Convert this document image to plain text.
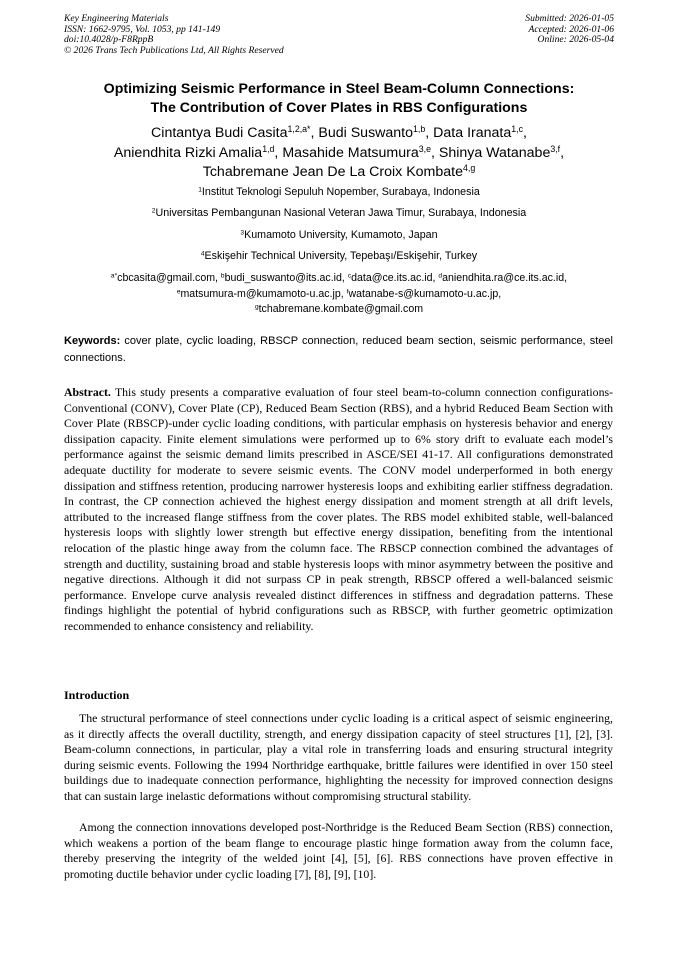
Key Engineering Materials
ISSN: 1662-9795, Vol. 1053, pp 141-149
doi:10.4028/p-F8RppB
© 2026 Trans Tech Publications Ltd, All Rights Reserved
Submitted: 2026-01-05
Accepted: 2026-01-06
Online: 2026-05-04
Optimizing Seismic Performance in Steel Beam-Column Connections:
The Contribution of Cover Plates in RBS Configurations
Cintantya Budi Casita$^{1,2,a*}$, Budi Suswanto$^{1,b}$, Data Iranata$^{1,c}$,
Aniendhita Rizki Amalia$^{1,d}$, Masahide Matsumura$^{3,e}$, Shinya Watanabe$^{3,f}$,
Tchabremane Jean De La Croix Kombate$^{4,g}$
$^1$Institut Teknologi Sepuluh Nopember, Surabaya, Indonesia
$^2$Universitas Pembangunan Nasional Veteran Jawa Timur, Surabaya, Indonesia
$^3$Kumamoto University, Kumamoto, Japan
$^4$Eskişehir Technical University, Tepebaşı/Eskişehir, Turkey
$^{a*}$cbcasita@gmail.com, $^b$budi_suswanto@its.ac.id, $^c$data@ce.its.ac.id, $^d$aniendhita.ra@ce.its.ac.id,
$^e$matsumura-m@kumamoto-u.ac.jp, $^f$watanabe-s@kumamoto-u.ac.jp,
$^g$tchabremane.kombate@gmail.com
Keywords: cover plate, cyclic loading, RBSCP connection, reduced beam section, seismic performance, steel connections.

Abstract. This study presents a comparative evaluation of four steel beam-to-column connection configurations-Conventional (CONV), Cover Plate (CP), Reduced Beam Section (RBS), and a hybrid Reduced Beam Section with Cover Plate (RBSCP)-under cyclic loading conditions, with particular emphasis on hysteresis behavior and energy dissipation capacity. Finite element simulations were performed up to 6% story drift to evaluate each model’s performance against the seismic demand limits prescribed in ASCE/SEI 41-17. All configurations demonstrated adequate ductility for moderate to severe seismic events. The CONV model underperformed in both energy dissipation and stiffness retention, producing narrower hysteresis loops and exhibiting earlier stiffness degradation. In contrast, the CP connection achieved the highest energy dissipation and moment strength at all drift levels, attributed to the increased flange stiffness from the cover plates. The RBS model exhibited stable, well-balanced hysteresis loops with slightly lower strength but effective energy dissipation, benefiting from the intentional relocation of the plastic hinge away from the column face. The RBSCP connection combined the advantages of strength and ductility, sustaining broad and stable hysteresis loops with minor asymmetry between the positive and negative directions. Although it did not surpass CP in peak strength, RBSCP offered a well-balanced seismic performance. Envelope curve analysis revealed distinct differences in stiffness and degradation patterns. These findings highlight the potential of hybrid configurations such as RBSCP, with further geometric optimization recommended to enhance consistency and reliability.

Introduction

The structural performance of steel connections under cyclic loading is a critical aspect of seismic engineering, as it directly affects the overall ductility, strength, and energy dissipation capacity of steel structures [1], [2], [3]. Beam-column connections, in particular, play a vital role in transferring loads and ensuring structural integrity during seismic events. Following the 1994 Northridge earthquake, brittle failures were identified in over 150 steel buildings due to inadequate connection performance, highlighting the necessity for improved connection designs that can sustain large inelastic deformations without compromising structural stability.

Among the connection innovations developed post-Northridge is the Reduced Beam Section (RBS) connection, which weakens a portion of the beam flange to encourage plastic hinge formation away from the column face, thereby preserving the integrity of the welded joint [4], [5], [6]. RBS connections have proven effective in promoting ductile behavior under cyclic loading [7], [8], [9], [10].
